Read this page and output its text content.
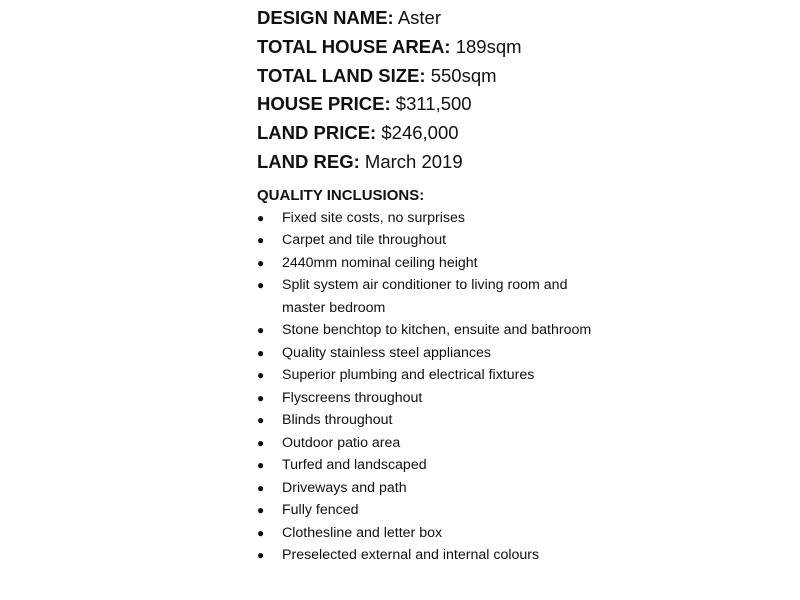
DESIGN NAME: Aster
TOTAL HOUSE AREA: 189sqm
TOTAL LAND SIZE: 550sqm
HOUSE PRICE: $311,500
LAND PRICE: $246,000
LAND REG: March 2019
QUALITY INCLUSIONS:
● Fixed site costs, no surprises
● Carpet and tile throughout
● 2440mm nominal ceiling height
● Split system air conditioner to living room and master bedroom
● Stone benchtop to kitchen, ensuite and bathroom
● Quality stainless steel appliances
● Superior plumbing and electrical fixtures
● Flyscreens throughout
● Blinds throughout
● Outdoor patio area
● Turfed and landscaped
● Driveways and path
● Fully fenced
● Clothesline and letter box
● Preselected external and internal colours
